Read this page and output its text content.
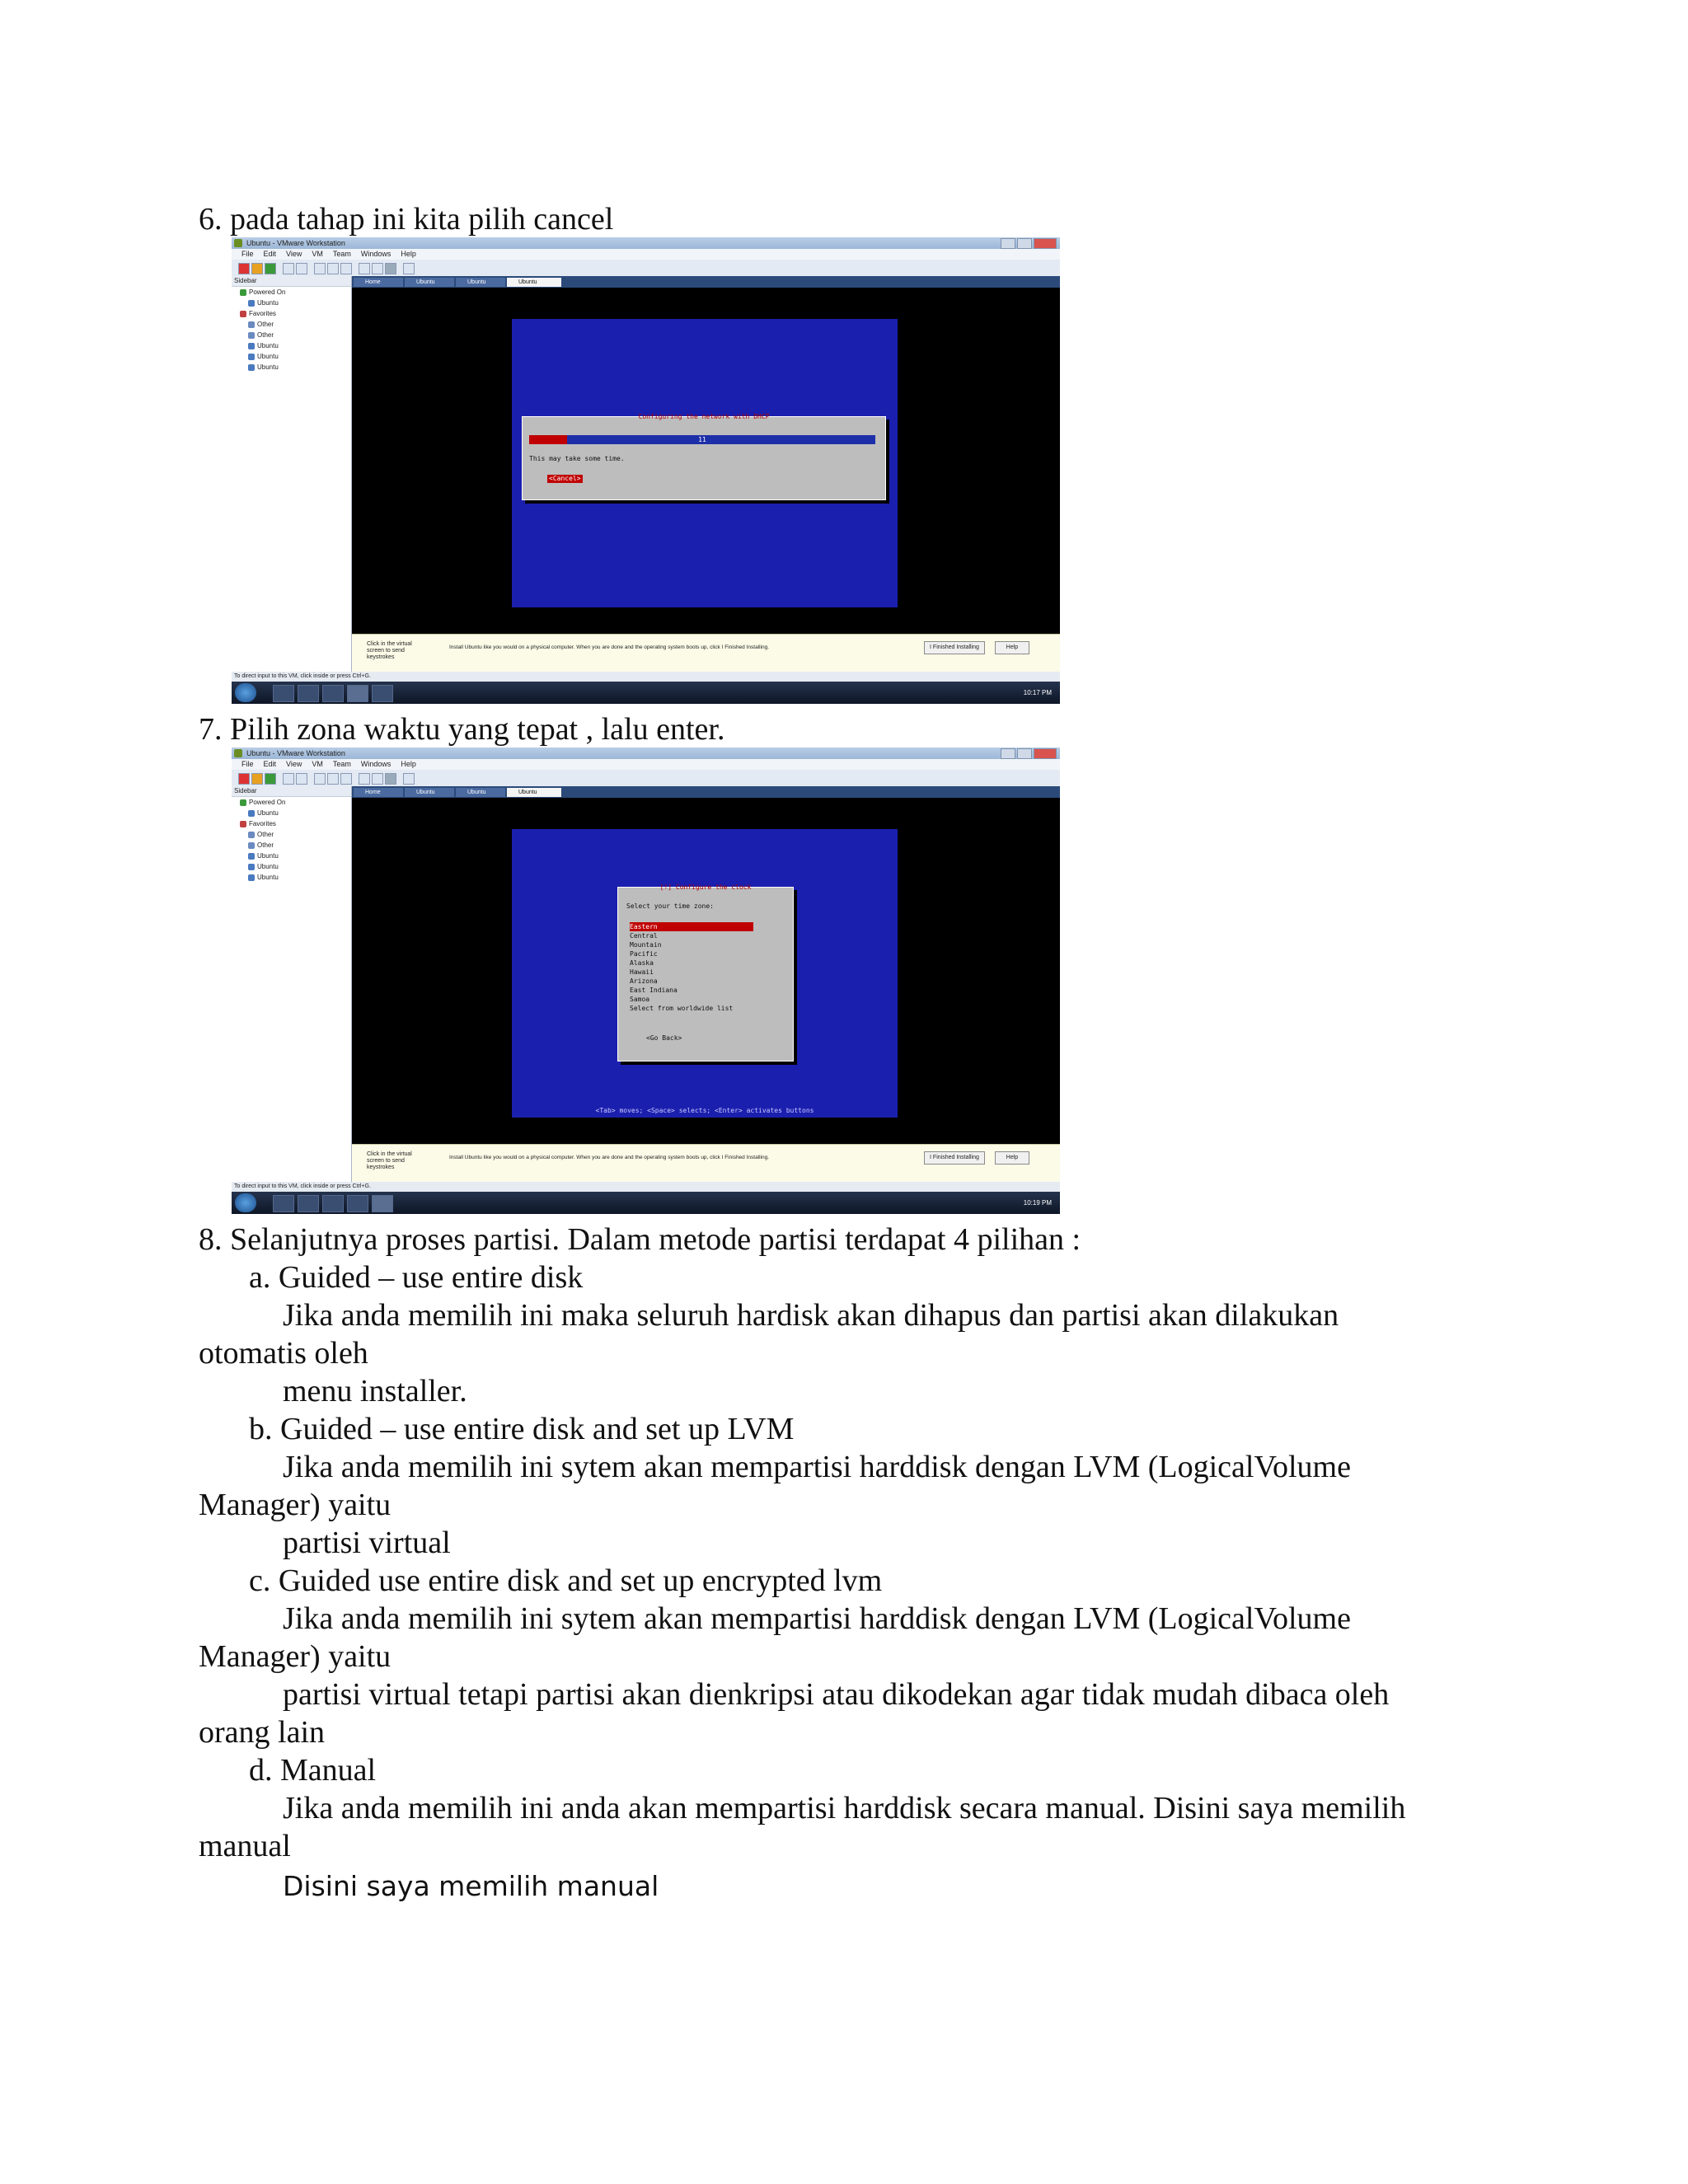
6. pada tahap ini kita pilih cancel
Ubuntu - VMware Workstation
File Edit View VM Team Windows Help
Sidebar
Powered On
Ubuntu
Favorites
Other
Other
Ubuntu
Ubuntu
Ubuntu
Home	Ubuntu	Ubuntu	Ubuntu
Configuring the network with DHCP
11
This may take some time.
<Cancel>
Click in the virtual screen to send keystrokes
Install Ubuntu like you would on a physical computer. When you are done and the operating system boots up, click I Finished Installing.	I Finished Installing	Help
To direct input to this VM, click inside or press Ctrl+G.
10:17 PM
7. Pilih zona waktu yang tepat , lalu enter.
Ubuntu - VMware Workstation
File Edit View VM Team Windows Help
Sidebar
Powered On
Ubuntu
Favorites
Other
Other
Ubuntu
Ubuntu
Ubuntu
Home	Ubuntu	Ubuntu	Ubuntu
[!] Configure the clock
Select your time zone:
Eastern
Central
Mountain
Pacific
Alaska
Hawaii
Arizona
East Indiana
Samoa
Select from worldwide list
<Go Back>
<Tab> moves; <Space> selects; <Enter> activates buttons
Click in the virtual screen to send keystrokes
Install Ubuntu like you would on a physical computer. When you are done and the operating system boots up, click I Finished Installing.	I Finished Installing	Help
To direct input to this VM, click inside or press Ctrl+G.
10:19 PM
8. Selanjutnya proses partisi. Dalam metode partisi terdapat 4 pilihan :
a. Guided – use entire disk
Jika anda memilih ini maka seluruh hardisk akan dihapus dan partisi akan dilakukan
otomatis oleh
menu installer.
b. Guided – use entire disk and set up LVM
Jika anda memilih ini sytem akan mempartisi harddisk dengan LVM (LogicalVolume
Manager) yaitu
partisi virtual
c. Guided use entire disk and set up encrypted lvm
Jika anda memilih ini sytem akan mempartisi harddisk dengan LVM (LogicalVolume
Manager) yaitu
partisi virtual tetapi partisi akan dienkripsi atau dikodekan agar tidak mudah dibaca oleh
orang lain
d. Manual
Jika anda memilih ini anda akan mempartisi harddisk secara manual. Disini saya memilih
manual
Disini saya memilih manual
